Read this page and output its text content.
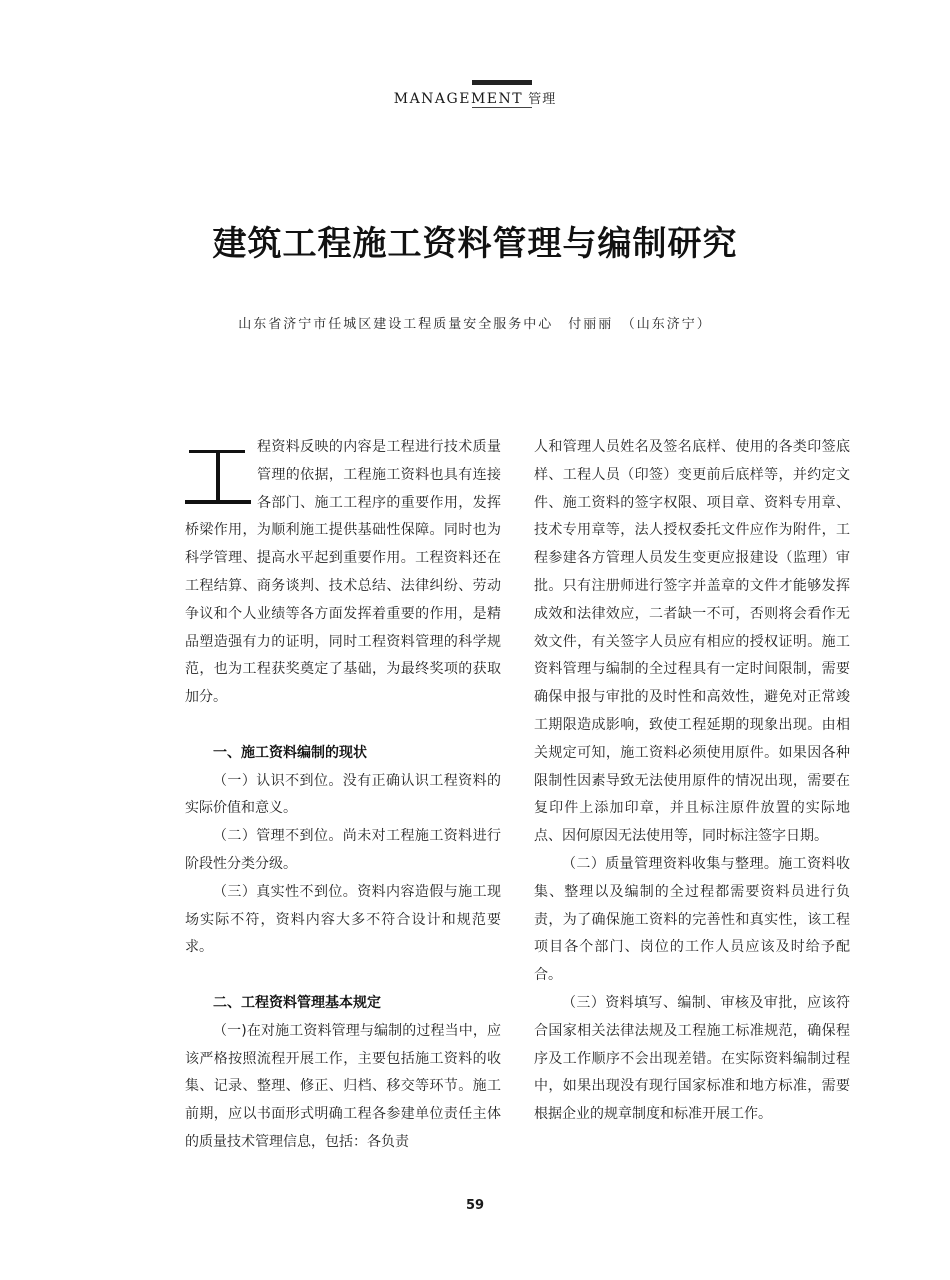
MANAGEMENT 管理
建筑工程施工资料管理与编制研究
山东省济宁市任城区建设工程质量安全服务中心　付丽丽　（山东济宁）

程资料反映的内容是工程进行技术质量管理的依据，工程施工资料也具有连接各部门、施工工程序的重要作用，发挥桥梁作用，为顺利施工提供基础性保障。同时也为科学管理、提高水平起到重要作用。工程资料还在工程结算、商务谈判、技术总结、法律纠纷、劳动争议和个人业绩等各方面发挥着重要的作用，是精品塑造强有力的证明，同时工程资料管理的科学规范，也为工程获奖奠定了基础，为最终奖项的获取加分。

一、施工资料编制的现状

（一）认识不到位。没有正确认识工程资料的实际价值和意义。

（二）管理不到位。尚未对工程施工资料进行阶段性分类分级。

（三）真实性不到位。资料内容造假与施工现场实际不符，资料内容大多不符合设计和规范要求。

二、工程资料管理基本规定

（一)在对施工资料管理与编制的过程当中，应该严格按照流程开展工作，主要包括施工资料的收集、记录、整理、修正、归档、移交等环节。施工前期，应以书面形式明确工程各参建单位责任主体的质量技术管理信息，包括：各负责

人和管理人员姓名及签名底样、使用的各类印签底样、工程人员（印签）变更前后底样等，并约定文件、施工资料的签字权限、项目章、资料专用章、技术专用章等，法人授权委托文件应作为附件，工程参建各方管理人员发生变更应报建设（监理）审批。只有注册师进行签字并盖章的文件才能够发挥成效和法律效应，二者缺一不可，否则将会看作无效文件，有关签字人员应有相应的授权证明。施工资料管理与编制的全过程具有一定时间限制，需要确保申报与审批的及时性和高效性，避免对正常竣工期限造成影响，致使工程延期的现象出现。由相关规定可知，施工资料必须使用原件。如果因各种限制性因素导致无法使用原件的情况出现，需要在复印件上添加印章，并且标注原件放置的实际地点、因何原因无法使用等，同时标注签字日期。

（二）质量管理资料收集与整理。施工资料收集、整理以及编制的全过程都需要资料员进行负责，为了确保施工资料的完善性和真实性，该工程项目各个部门、岗位的工作人员应该及时给予配合。

（三）资料填写、编制、审核及审批，应该符合国家相关法律法规及工程施工标准规范，确保程序及工作顺序不会出现差错。在实际资料编制过程中，如果出现没有现行国家标准和地方标准，需要根据企业的规章制度和标准开展工作。

59
